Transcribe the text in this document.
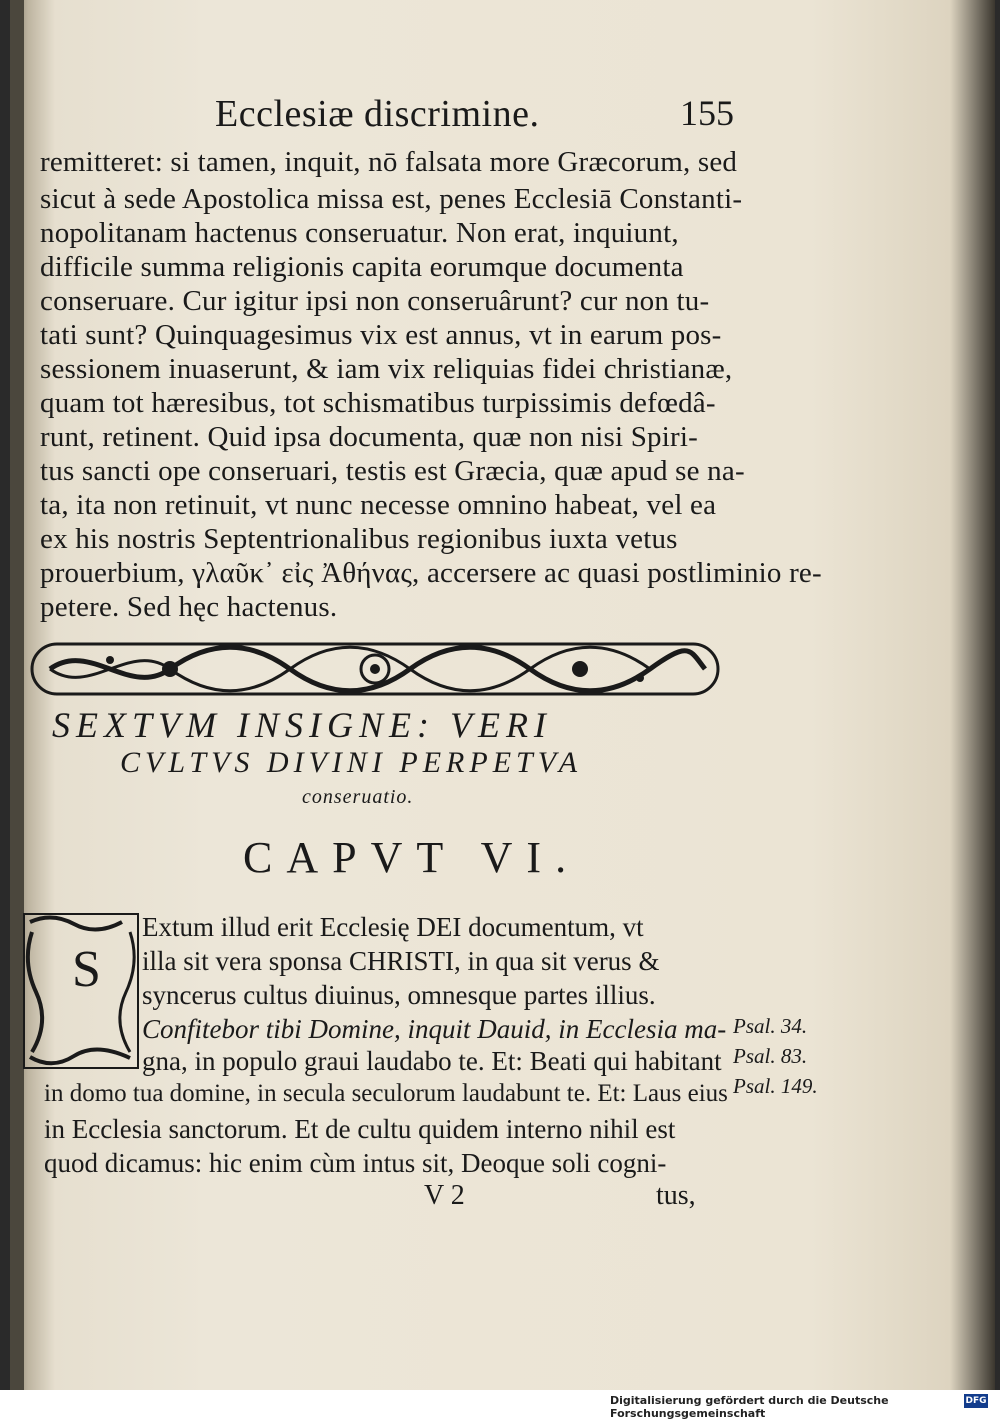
Ecclesiæ discrimine.	155
remitteret: si tamen, inquit, nō falsata more Græcorum, sed
sicut à sede Apostolica missa est, penes Ecclesiā Constanti-
nopolitanam hactenus conseruatur. Non erat, inquiunt,
difficile summa religionis capita eorumque documenta
conseruare. Cur igitur ipsi non conseruârunt? cur non tu-
tati sunt? Quinquagesimus vix est annus, vt in earum pos-
sessionem inuaserunt, & iam vix reliquias fidei christianæ,
quam tot hæresibus, tot schismatibus turpissimis defœdâ-
runt, retinent. Quid ipsa documenta, quæ non nisi Spiri-
tus sancti ope conseruari, testis est Græcia, quæ apud se na-
ta, ita non retinuit, vt nunc necesse omnino habeat, vel ea
ex his nostris Septentrionalibus regionibus iuxta vetus
prouerbium, γλαῦκ᾽ εἰς Ἀθήνας, accersere ac quasi postliminio re-
petere. Sed hęc hactenus.
SEXTVM INSIGNE: VERI
CVLTVS DIVINI PERPETVA
conseruatio.
CAPVT VI.
S
Extum illud erit Ecclesię DEI documentum, vt
illa sit vera sponsa CHRISTI, in qua sit verus &
syncerus cultus diuinus, omnesque partes illius.
Confitebor tibi Domine, inquit Dauid, in Ecclesia ma-
gna, in populo graui laudabo te. Et: Beati qui habitant
in domo tua domine, in secula seculorum laudabunt te. Et: Laus eius
in Ecclesia sanctorum. Et de cultu quidem interno nihil est
quod dicamus: hic enim cùm intus sit, Deoque soli cogni-
Psal. 34.
Psal. 83.
Psal. 149.
V 2	tus,
Digitalisierung gefördert durch die Deutsche Forschungsgemeinschaft
DFG
